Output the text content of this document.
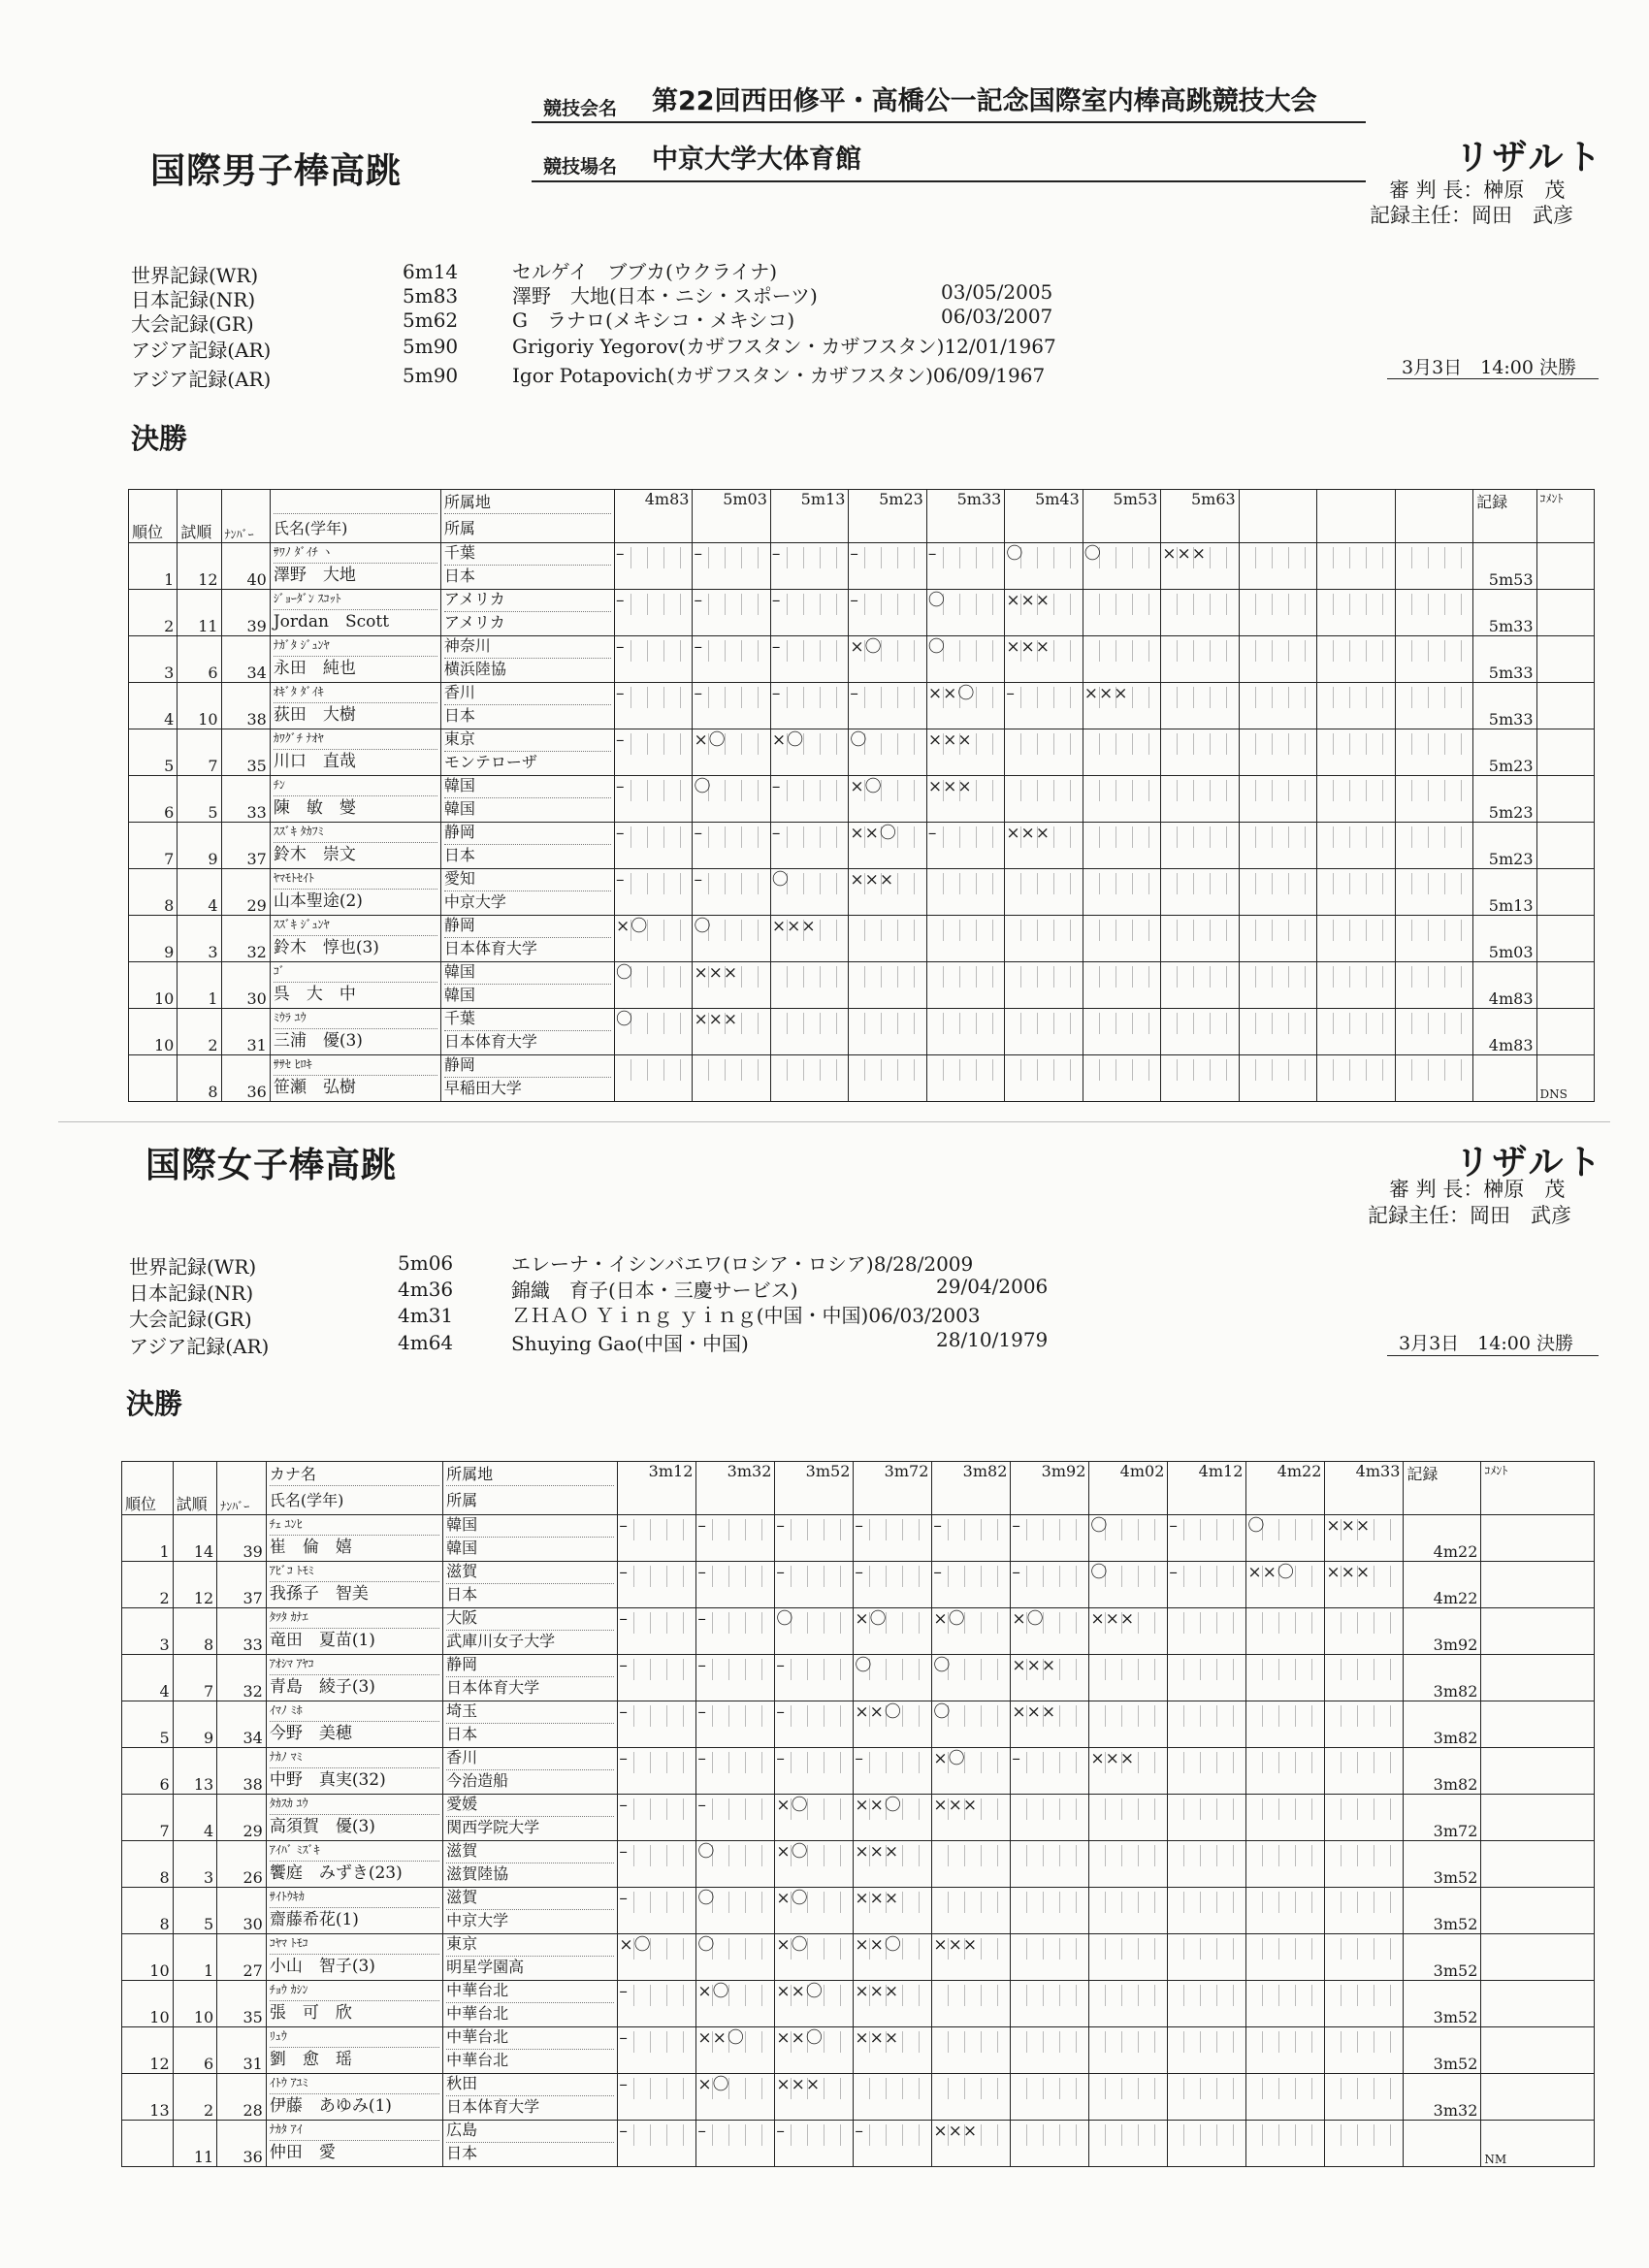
競技会名 第22回西田修平・高橋公一記念国際室内棒高跳競技大会
競技場名 中京大学大体育館
国際男子棒高跳	リザルト
審 判 長：榊原　茂
記録主任：岡田　武彦
世界記録(WR)	6m14	セルゲイ　ブブカ(ウクライナ)
日本記録(NR)	5m83	澤野　大地(日本・ニシ・スポーツ)	03/05/2005
大会記録(GR)	5m62	G　ラナロ(メキシコ・メキシコ)	06/03/2007
アジア記録(AR)	5m90	Grigoriy Yegorov(カザフスタン・カザフスタン)12/01/1967
アジア記録(AR)	5m90	Igor Potapovich(カザフスタン・カザフスタン)06/09/1967	3月3日　14:00 決勝
決勝
順位	試順	ﾅﾝﾊﾞｰ	氏名(学年)	所属地
所属	4m83	5m03	5m13	5m23	5m33	5m43	5m53	5m63				記録	ｺﾒﾝﾄ
1	12	40	ｻﾜﾉ ﾀﾞｲﾁ ヽ
澤野　大地	千葉
日本	–	–	–	–	–	〇	〇	×××				5m53	
2	11	39	ｼﾞｮｰﾀﾞﾝ ｽｺｯﾄ
Jordan　Scott	アメリカ
アメリカ	–	–	–	–	〇	×××						5m33	
3	6	34	ﾅｶﾞﾀ ｼﾞｭﾝﾔ
永田　純也	神奈川
横浜陸協	–	–	–	×〇	〇	×××						5m33	
4	10	38	ｵｷﾞﾀ ﾀﾞｲｷ
荻田　大樹	香川
日本	–	–	–	–	××〇	–	×××					5m33	
5	7	35	ｶﾜｸﾞﾁ ﾅｵﾔ
川口　直哉	東京
モンテローザ	–	×〇	×〇	〇	×××							5m23	
6	5	33	ﾁﾝ
陳　敏　燮	韓国
韓国	–	〇	–	×〇	×××							5m23	
7	9	37	ｽｽﾞｷ ﾀｶﾌﾐ
鈴木　崇文	静岡
日本	–	–	–	××〇	–	×××						5m23	
8	4	29	ﾔﾏﾓﾄｾｲﾄ
山本聖途(2)	愛知
中京大学	–	–	〇	×××								5m13	
9	3	32	ｽｽﾞｷ ｼﾞｭﾝﾔ
鈴木　惇也(3)	静岡
日本体育大学	×〇	〇	×××									5m03	
10	1	30	ｺﾞ
呉　大　中	韓国
韓国	〇	×××										4m83	
10	2	31	ﾐｳﾗ ﾕｳ
三浦　優(3)	千葉
日本体育大学	〇	×××										4m83	
	8	36	ｻｻｾ ﾋﾛｷ
笹瀬　弘樹	静岡
早稲田大学													DNS
国際女子棒高跳	リザルト
審 判 長：榊原　茂
記録主任：岡田　武彦
世界記録(WR)	5m06	エレーナ・イシンバエワ(ロシア・ロシア)8/28/2009
日本記録(NR)	4m36	錦織　育子(日本・三慶サービス)	29/04/2006
大会記録(GR)	4m31	ＺＨＡＯ Ｙｉｎｇ ｙｉｎｇ(中国・中国)06/03/2003
アジア記録(AR)	4m64	Shuying Gao(中国・中国)	28/10/1979	3月3日　14:00 決勝
決勝
順位	試順	ﾅﾝﾊﾞｰ	カナ名
氏名(学年)	所属地
所属	3m12	3m32	3m52	3m72	3m82	3m92	4m02	4m12	4m22	4m33	記録	ｺﾒﾝﾄ
1	14	39	ﾁｪ ﾕﾝﾋ
崔　倫　嬉	韓国
韓国	–	–	–	–	–	–	〇	–	〇	×××	4m22	
2	12	37	ｱﾋﾞｺ ﾄﾓﾐ
我孫子　智美	滋賀
日本	–	–	–	–	–	–	〇	–	××〇	×××	4m22	
3	8	33	ﾀﾂﾀ ｶﾅｴ
竜田　夏苗(1)	大阪
武庫川女子大学	–	–	〇	×〇	×〇	×〇	×××				3m92	
4	7	32	ｱｵｼﾏ ｱﾔｺ
青島　綾子(3)	静岡
日本体育大学	–	–	–	〇	〇	×××					3m82	
5	9	34	ｲﾏﾉ ﾐﾎ
今野　美穂	埼玉
日本	–	–	–	××〇	〇	×××					3m82	
6	13	38	ﾅｶﾉ ﾏﾐ
中野　真実(32)	香川
今治造船	–	–	–	–	×〇	–	×××				3m82	
7	4	29	ﾀｶｽｶ ﾕｳ
高須賀　優(3)	愛媛
関西学院大学	–	–	×〇	××〇	×××						3m72	
8	3	26	ｱｲﾊﾞ ﾐｽﾞｷ
饗庭　みずき(23)	滋賀
滋賀陸協	–	〇	×〇	×××							3m52	
8	5	30	ｻｲﾄｳｷｶ
齋藤希花(1)	滋賀
中京大学	–	〇	×〇	×××							3m52	
10	1	27	ｺﾔﾏ ﾄﾓｺ
小山　智子(3)	東京
明星学園高	×〇	〇	×〇	××〇	×××						3m52	
10	10	35	ﾁｮｳ ｶｼﾝ
張　可　欣	中華台北
中華台北	–	×〇	××〇	×××							3m52	
12	6	31	ﾘｭｳ
劉　愈　瑶	中華台北
中華台北	–	××〇	××〇	×××							3m52	
13	2	28	ｲﾄｳ ｱﾕﾐ
伊藤　あゆみ(1)	秋田
日本体育大学	–	×〇	×××								3m32	
	11	36	ﾅｶﾀ ｱｲ
仲田　愛	広島
日本	–	–	–	–	×××							NM
